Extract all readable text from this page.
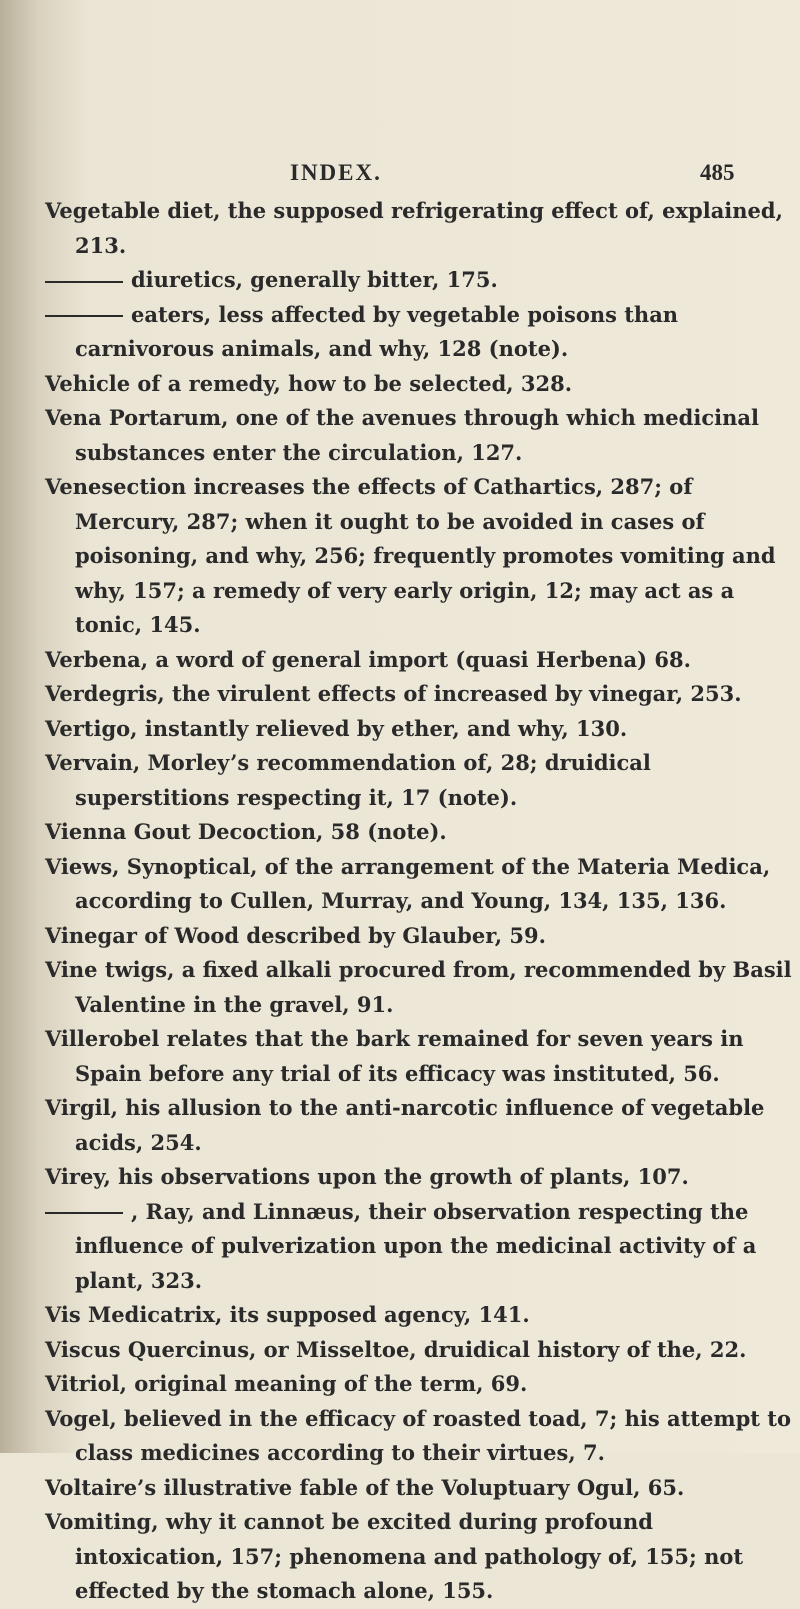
INDEX.	485

Vegetable diet, the supposed refrigerating effect of, explained, 213.

diuretics, generally bitter, 175.

eaters, less affected by vegetable poisons than carnivorous animals, and why, 128 (note).

Vehicle of a remedy, how to be selected, 328.

Vena Portarum, one of the avenues through which medicinal substances enter the circulation, 127.

Venesection increases the effects of Cathartics, 287; of Mercury, 287; when it ought to be avoided in cases of poisoning, and why, 256; frequently promotes vomiting and why, 157; a remedy of very early origin, 12; may act as a tonic, 145.

Verbena, a word of general import (quasi Herbena) 68.

Verdegris, the virulent effects of increased by vinegar, 253.

Vertigo, instantly relieved by ether, and why, 130.

Vervain, Morley’s recommendation of, 28; druidical superstitions respecting it, 17 (note).

Vienna Gout Decoction, 58 (note).

Views, Synoptical, of the arrangement of the Materia Medica, according to Cullen, Murray, and Young, 134, 135, 136.

Vinegar of Wood described by Glauber, 59.

Vine twigs, a fixed alkali procured from, recommended by Basil Valentine in the gravel, 91.

Villerobel relates that the bark remained for seven years in Spain before any trial of its efficacy was instituted, 56.

Virgil, his allusion to the anti-narcotic influence of vegetable acids, 254.

Virey, his observations upon the growth of plants, 107.

, Ray, and Linnæus, their observation respecting the influence of pulverization upon the medicinal activity of a plant, 323.

Vis Medicatrix, its supposed agency, 141.

Viscus Quercinus, or Misseltoe, druidical history of the, 22.

Vitriol, original meaning of the term, 69.

Vogel, believed in the efficacy of roasted toad, 7; his attempt to class medicines according to their virtues, 7.

Voltaire’s illustrative fable of the Voluptuary Ogul, 65.

Vomiting, why it cannot be excited during profound intoxication, 157; phenomena and pathology of, 155; not effected by the stomach alone, 155.
